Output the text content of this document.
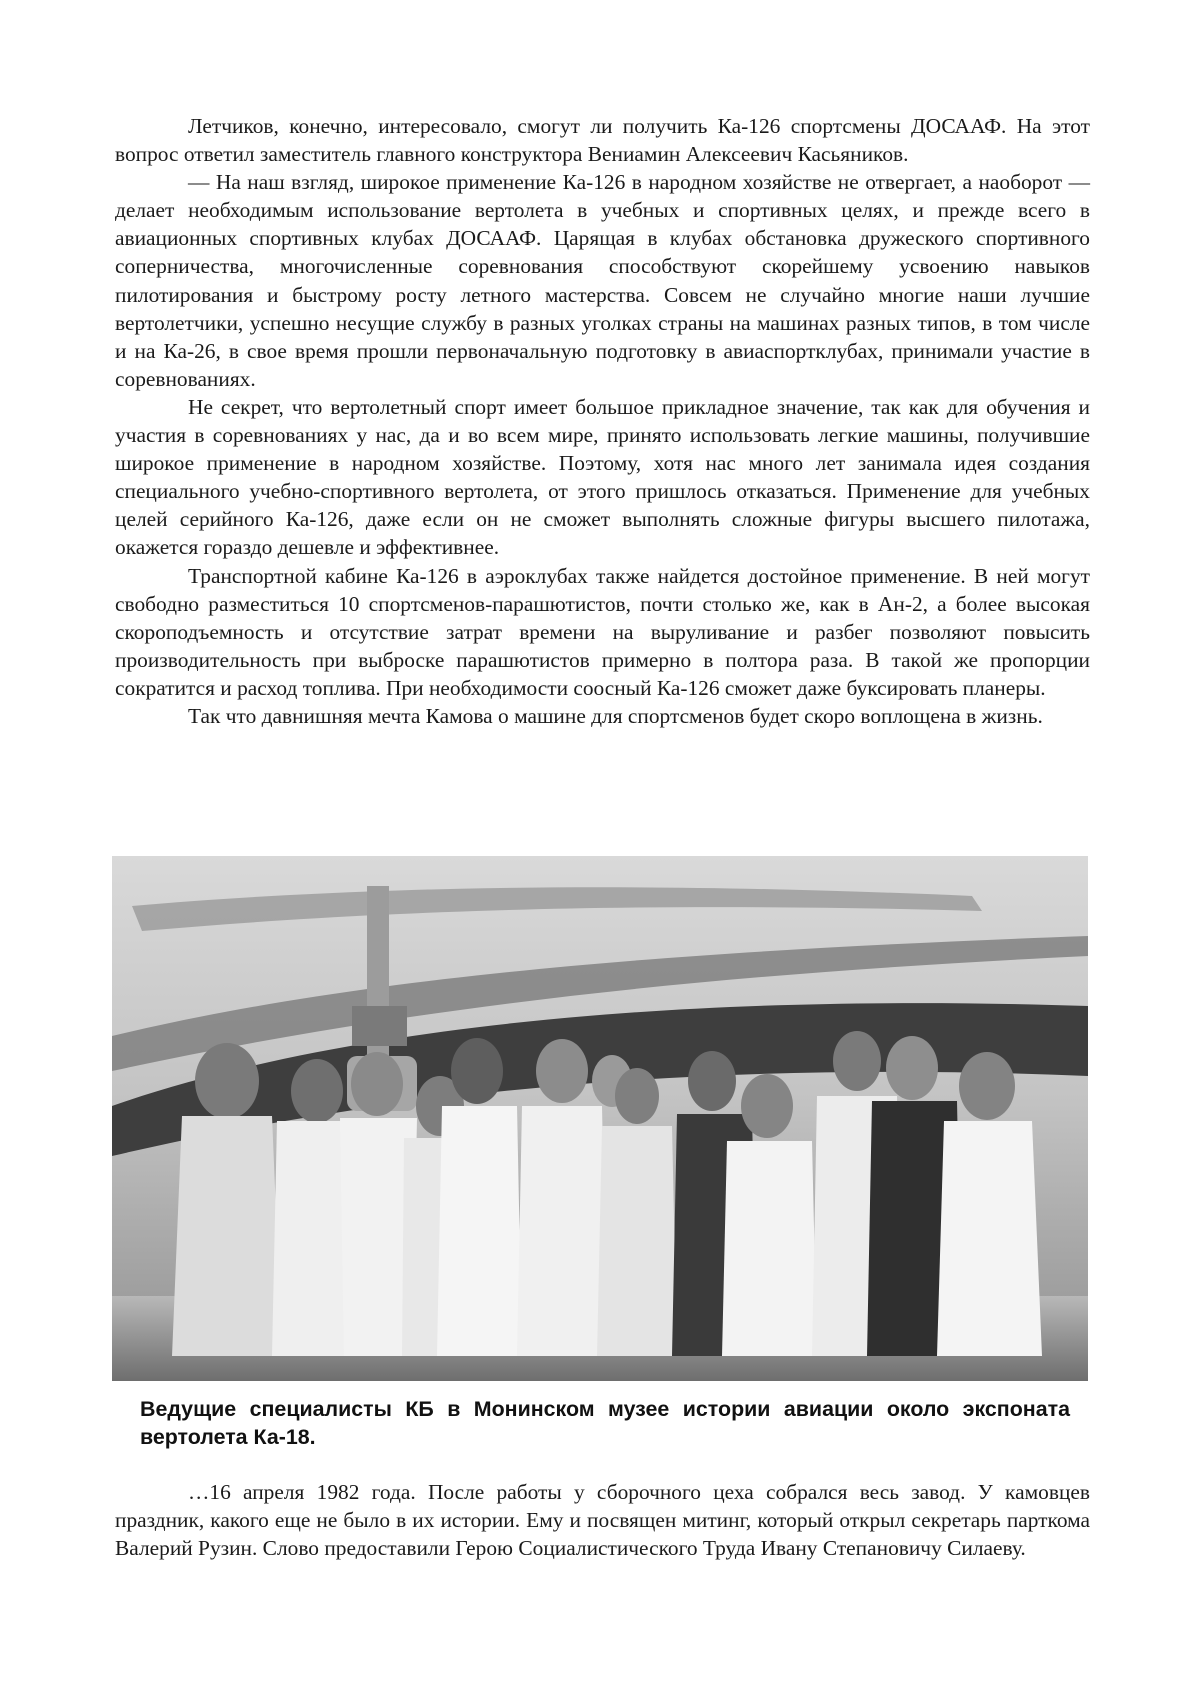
Летчиков, конечно, интересовало, смогут ли получить Ка-126 спортсмены ДОСААФ. На этот вопрос ответил заместитель главного конструктора Вениамин Алексеевич Касьяников.

— На наш взгляд, широкое применение Ка-126 в народном хозяйстве не отвергает, а наоборот — делает необходимым использование вертолета в учебных и спортивных целях, и прежде всего в авиационных спортивных клубах ДОСААФ. Царящая в клубах обстановка дружеского спортивного соперничества, многочисленные соревнования способствуют скорейшему усвоению навыков пилотирования и быстрому росту летного мастерства. Совсем не случайно многие наши лучшие вертолетчики, успешно несущие службу в разных уголках страны на машинах разных типов, в том числе и на Ка-26, в свое время прошли первоначальную подготовку в авиаспортклубах, принимали участие в соревнованиях.

Не секрет, что вертолетный спорт имеет большое прикладное значение, так как для обучения и участия в соревнованиях у нас, да и во всем мире, принято использовать легкие машины, получившие широкое применение в народном хозяйстве. Поэтому, хотя нас много лет занимала идея создания специального учебно-спортивного вертолета, от этого пришлось отказаться. Применение для учебных целей серийного Ка-126, даже если он не сможет выполнять сложные фигуры высшего пилотажа, окажется гораздо дешевле и эффективнее.

Транспортной кабине Ка-126 в аэроклубах также найдется достойное применение. В ней могут свободно разместиться 10 спортсменов-парашютистов, почти столько же, как в Ан-2, а более высокая скороподъемность и отсутствие затрат времени на выруливание и разбег позволяют повысить производительность при выброске парашютистов примерно в полтора раза. В такой же пропорции сократится и расход топлива. При необходимости соосный Ка-126 сможет даже буксировать планеры.

Так что давнишняя мечта Камова о машине для спортсменов будет скоро воплощена в жизнь.

Ведущие специалисты КБ в Монинском музее истории авиации около экспоната вертолета Ка-18.

…16 апреля 1982 года. После работы у сборочного цеха собрался весь завод. У камовцев праздник, какого еще не было в их истории. Ему и посвящен митинг, который открыл секретарь парткома Валерий Рузин. Слово предоставили Герою Социалистического Труда Ивану Степановичу Силаеву.
